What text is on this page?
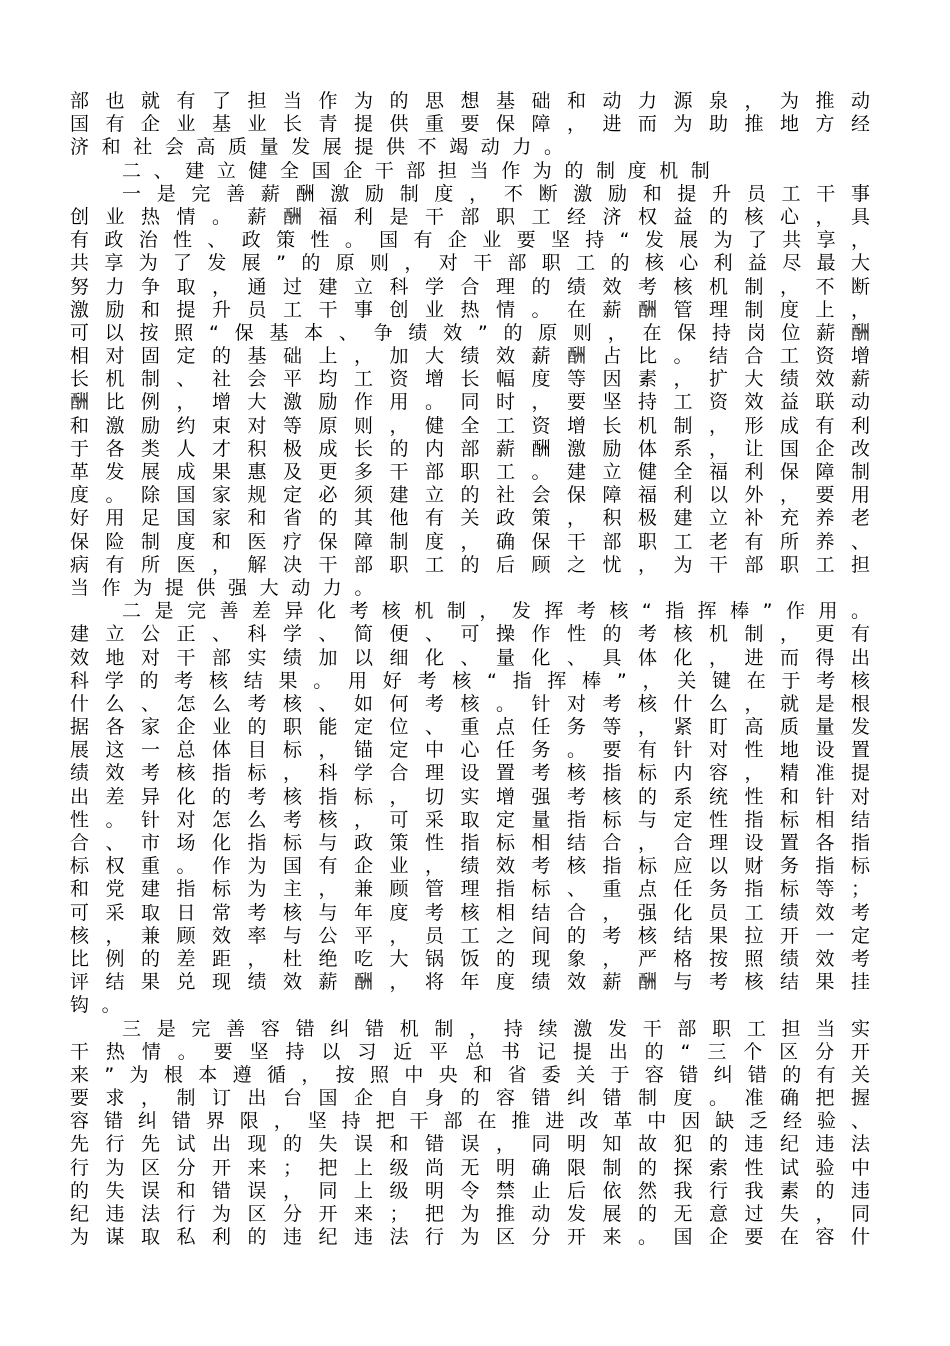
部也就有了担当作为的思想基础和动力源泉，为推动
国有企业基业长青提供重要保障，进而为助推地方经
济和社会高质量发展提供不竭动力。
二、建立健全国企干部担当作为的制度机制
一是完善薪酬激励制度，不断激励和提升员工干事
创业热情。薪酬福利是干部职工经济权益的核心，具
有政治性、政策性。国有企业要坚持“发展为了共享，
共享为了发展”的原则，对干部职工的核心利益尽最大
努力争取，通过建立科学合理的绩效考核机制，不断
激励和提升员工干事创业热情。在薪酬管理制度上，
可以按照“保基本、争绩效”的原则，在保持岗位薪酬
相对固定的基础上，加大绩效薪酬占比。结合工资增
长机制、社会平均工资增长幅度等因素，扩大绩效薪
酬比例，增大激励作用。同时，要坚持工资效益联动
和激励约束对等原则，健全工资增长机制，形成有利
于各类人才积极成长的内部薪酬激励体系，让国企改
革发展成果惠及更多干部职工。建立健全福利保障制
度。除国家规定必须建立的社会保障福利以外，要用
好用足国家和省的其他有关政策，积极建立补充养老
保险制度和医疗保障制度，确保干部职工老有所养、
病有所医，解决干部职工的后顾之忧，为干部职工担
当作为提供强大动力。
二是完善差异化考核机制，发挥考核“指挥棒”作用。
建立公正、科学、简便、可操作性的考核机制，更有
效地对干部实绩加以细化、量化、具体化，进而得出
科学的考核结果。用好考核“指挥棒”，关键在于考核
什么、怎么考核、如何考核。针对考核什么，就是根
据各家企业的职能定位、重点任务等，紧盯高质量发
展这一总体目标，锚定中心任务。要有针对性地设置
绩效考核指标，科学合理设置考核指标内容，精准提
出差异化的考核指标，切实增强考核的系统性和针对
性。针对怎么考核，可采取定量指标与定性指标相结
合、市场化指标与政策性指标相结合，合理设置各指
标权重。作为国有企业，绩效考核指标应以财务指标
和党建指标为主，兼顾管理指标、重点任务指标等；
可采取日常考核与年度考核相结合，强化员工绩效考
核，兼顾效率与公平，员工之间的考核结果拉开一定
比例的差距，杜绝吃大锅饭的现象，严格按照绩效考
评结果兑现绩效薪酬，将年度绩效薪酬与考核结果挂
钩。
三是完善容错纠错机制，持续激发干部职工担当实
干热情。要坚持以习近平总书记提出的“三个区分开
来”为根本遵循，按照中央和省委关于容错纠错的有关
要求，制订出台国企自身的容错纠错制度。准确把握
容错纠错界限，坚持把干部在推进改革中因缺乏经验、
先行先试出现的失误和错误，同明知故犯的违纪违法
行为区分开来；把上级尚无明确限制的探索性试验中
的失误和错误，同上级明令禁止后依然我行我素的违
纪违法行为区分开来；把为推动发展的无意过失，同
为谋取私利的违纪违法行为区分开来。国企要在容什
